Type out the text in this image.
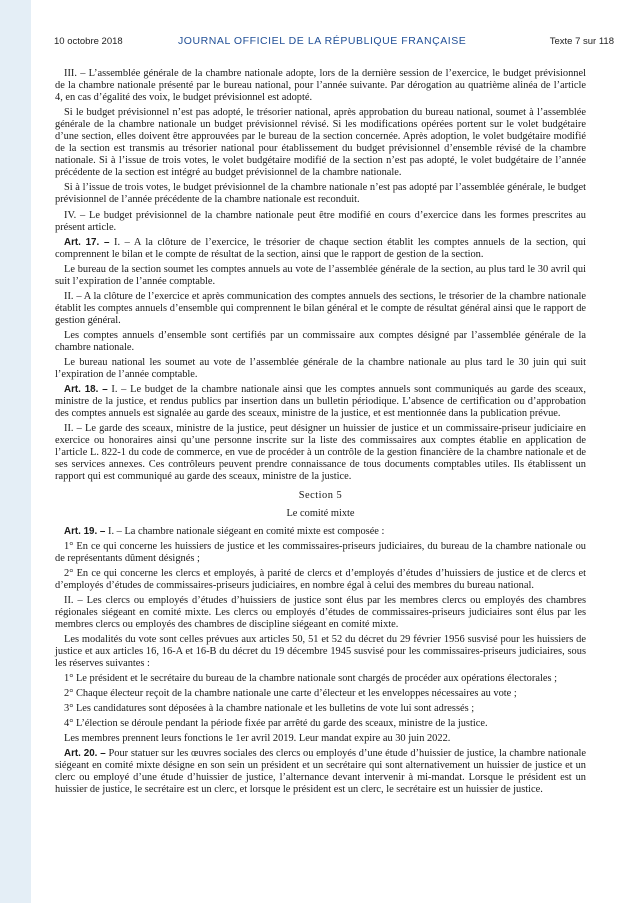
10 octobre 2018	JOURNAL OFFICIEL DE LA RÉPUBLIQUE FRANÇAISE	Texte 7 sur 118

III. – L’assemblée générale de la chambre nationale adopte, lors de la dernière session de l’exercice, le budget prévisionnel de la chambre nationale présenté par le bureau national, pour l’année suivante. Par dérogation au quatrième alinéa de l’article 4, en cas d’égalité des voix, le budget prévisionnel est adopté.

Si le budget prévisionnel n’est pas adopté, le trésorier national, après approbation du bureau national, soumet à l’assemblée générale de la chambre nationale un budget prévisionnel révisé. Si les modifications opérées portent sur le volet budgétaire d’une section, elles doivent être approuvées par le bureau de la section concernée. Après adoption, le volet budgétaire modifié de la section est transmis au trésorier national pour établissement du budget prévisionnel d’ensemble révisé de la chambre nationale. Si à l’issue de trois votes, le volet budgétaire modifié de la section n’est pas adopté, le volet budgétaire de l’année précédente de la section est intégré au budget prévisionnel de la chambre nationale.

Si à l’issue de trois votes, le budget prévisionnel de la chambre nationale n’est pas adopté par l’assemblée générale, le budget prévisionnel de l’année précédente de la chambre nationale est reconduit.

IV. – Le budget prévisionnel de la chambre nationale peut être modifié en cours d’exercice dans les formes prescrites au présent article.

Art. 17. – I. – A la clôture de l’exercice, le trésorier de chaque section établit les comptes annuels de la section, qui comprennent le bilan et le compte de résultat de la section, ainsi que le rapport de gestion de la section.

Le bureau de la section soumet les comptes annuels au vote de l’assemblée générale de la section, au plus tard le 30 avril qui suit l’expiration de l’année comptable.

II. – A la clôture de l’exercice et après communication des comptes annuels des sections, le trésorier de la chambre nationale établit les comptes annuels d’ensemble qui comprennent le bilan général et le compte de résultat général ainsi que le rapport de gestion général.

Les comptes annuels d’ensemble sont certifiés par un commissaire aux comptes désigné par l’assemblée générale de la chambre nationale.

Le bureau national les soumet au vote de l’assemblée générale de la chambre nationale au plus tard le 30 juin qui suit l’expiration de l’année comptable.

Art. 18. – I. – Le budget de la chambre nationale ainsi que les comptes annuels sont communiqués au garde des sceaux, ministre de la justice, et rendus publics par insertion dans un bulletin périodique. L’absence de certification ou d’approbation des comptes annuels est signalée au garde des sceaux, ministre de la justice, et est mentionnée dans la publication prévue.

II. – Le garde des sceaux, ministre de la justice, peut désigner un huissier de justice et un commissaire-priseur judiciaire en exercice ou honoraires ainsi qu’une personne inscrite sur la liste des commissaires aux comptes établie en application de l’article L. 822-1 du code de commerce, en vue de procéder à un contrôle de la gestion financière de la chambre nationale et de ses services annexes. Ces contrôleurs peuvent prendre connaissance de tous documents comptables utiles. Ils établissent un rapport qui est communiqué au garde des sceaux, ministre de la justice.

Section 5

Le comité mixte

Art. 19. – I. – La chambre nationale siégeant en comité mixte est composée :

1° En ce qui concerne les huissiers de justice et les commissaires-priseurs judiciaires, du bureau de la chambre nationale ou de représentants dûment désignés ;

2° En ce qui concerne les clercs et employés, à parité de clercs et d’employés d’études d’huissiers de justice et de clercs et d’employés d’études de commissaires-priseurs judiciaires, en nombre égal à celui des membres du bureau national.

II. – Les clercs ou employés d’études d’huissiers de justice sont élus par les membres clercs ou employés des chambres régionales siégeant en comité mixte. Les clercs ou employés d’études de commissaires-priseurs judiciaires sont élus par les membres clercs ou employés des chambres de discipline siégeant en comité mixte.

Les modalités du vote sont celles prévues aux articles 50, 51 et 52 du décret du 29 février 1956 susvisé pour les huissiers de justice et aux articles 16, 16-A et 16-B du décret du 19 décembre 1945 susvisé pour les commissaires-priseurs judiciaires, sous les réserves suivantes :

1° Le président et le secrétaire du bureau de la chambre nationale sont chargés de procéder aux opérations électorales ;

2° Chaque électeur reçoit de la chambre nationale une carte d’électeur et les enveloppes nécessaires au vote ;

3° Les candidatures sont déposées à la chambre nationale et les bulletins de vote lui sont adressés ;

4° L’élection se déroule pendant la période fixée par arrêté du garde des sceaux, ministre de la justice.

Les membres prennent leurs fonctions le 1er avril 2019. Leur mandat expire au 30 juin 2022.

Art. 20. – Pour statuer sur les œuvres sociales des clercs ou employés d’une étude d’huissier de justice, la chambre nationale siégeant en comité mixte désigne en son sein un président et un secrétaire qui sont alternativement un huissier de justice et un clerc ou employé d’une étude d’huissier de justice, l’alternance devant intervenir à mi-mandat. Lorsque le président est un huissier de justice, le secrétaire est un clerc, et lorsque le président est un clerc, le secrétaire est un huissier de justice.
